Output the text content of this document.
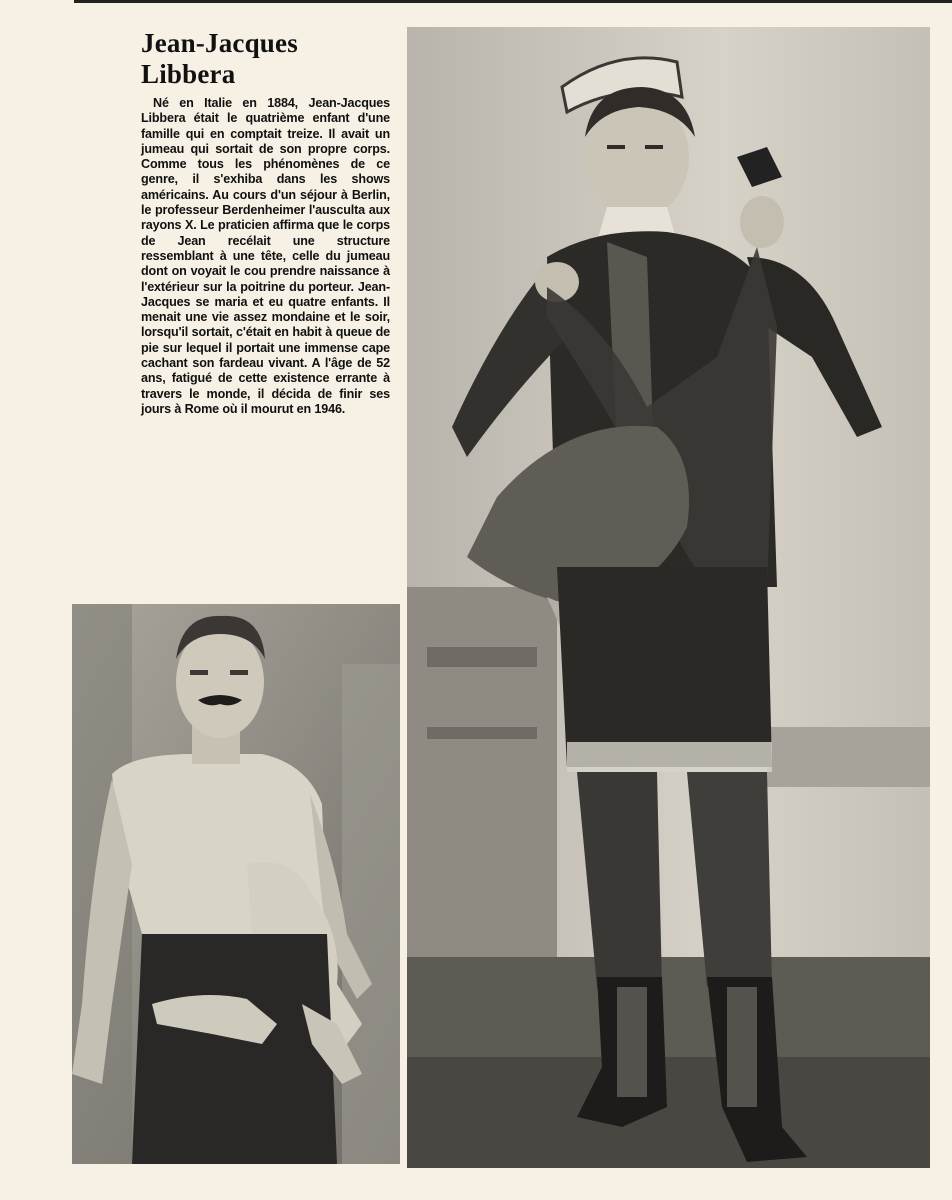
Jean-Jacques
Libbera

Né en Italie en 1884, Jean-Jacques Libbera était le quatrième enfant d'une famille qui en comptait treize. Il avait un jumeau qui sortait de son propre corps. Comme tous les phénomènes de ce genre, il s'exhiba dans les shows américains. Au cours d'un séjour à Berlin, le professeur Berdenheimer l'ausculta aux rayons X. Le praticien affirma que le corps de Jean recélait une structure ressemblant à une tête, celle du jumeau dont on voyait le cou prendre naissance à l'extérieur sur la poitrine du porteur. Jean-Jacques se maria et eu quatre enfants. Il menait une vie assez mondaine et le soir, lorsqu'il sortait, c'était en habit à queue de pie sur lequel il portait une immense cape cachant son fardeau vivant. A l'âge de 52 ans, fatigué de cette existence errante à travers le monde, il décida de finir ses jours à Rome où il mourut en 1946.
